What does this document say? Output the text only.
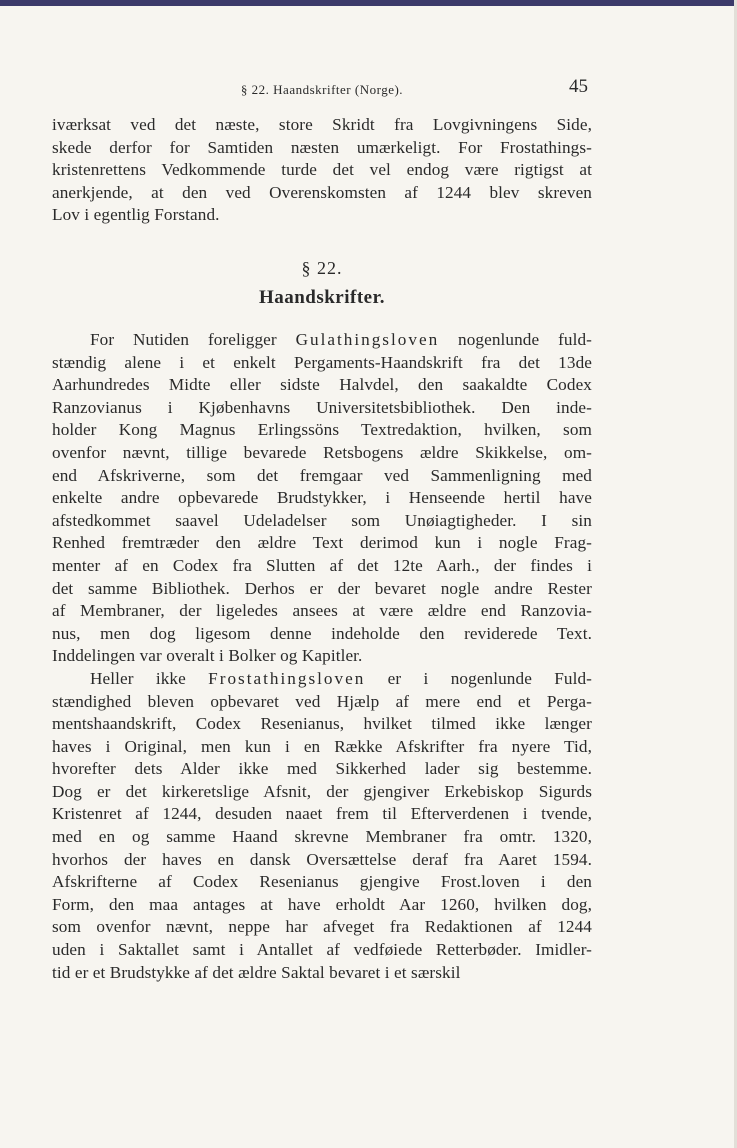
§ 22. Haandskrifter (Norge).	45
iværksat ved det næste, store Skridt fra Lovgivningens Side,
skede derfor for Samtiden næsten umærkeligt. For Frostathings-
kristenrettens Vedkommende turde det vel endog være rigtigst at
anerkjende, at den ved Overenskomsten af 1244 blev skreven
Lov i egentlig Forstand.
§ 22.
Haandskrifter.
For Nutiden foreligger Gulathingsloven nogenlunde fuld-
stændig alene i et enkelt Pergaments-Haandskrift fra det 13de
Aarhundredes Midte eller sidste Halvdel, den saakaldte Codex
Ranzovianus i Kjøbenhavns Universitetsbibliothek. Den inde-
holder Kong Magnus Erlingssöns Textredaktion, hvilken, som
ovenfor nævnt, tillige bevarede Retsbogens ældre Skikkelse, om-
end Afskriverne, som det fremgaar ved Sammenligning med
enkelte andre opbevarede Brudstykker, i Henseende hertil have
afstedkommet saavel Udeladelser som Unøiagtigheder. I sin
Renhed fremtræder den ældre Text derimod kun i nogle Frag-
menter af en Codex fra Slutten af det 12te Aarh., der findes i
det samme Bibliothek. Derhos er der bevaret nogle andre Rester
af Membraner, der ligeledes ansees at være ældre end Ranzovia-
nus, men dog ligesom denne indeholde den reviderede Text.
Inddelingen var overalt i Bolker og Kapitler.
Heller ikke Frostathingsloven er i nogenlunde Fuld-
stændighed bleven opbevaret ved Hjælp af mere end et Perga-
mentshaandskrift, Codex Resenianus, hvilket tilmed ikke længer
haves i Original, men kun i en Række Afskrifter fra nyere Tid,
hvorefter dets Alder ikke med Sikkerhed lader sig bestemme.
Dog er det kirkeretslige Afsnit, der gjengiver Erkebiskop Sigurds
Kristenret af 1244, desuden naaet frem til Efterverdenen i tvende,
med en og samme Haand skrevne Membraner fra omtr. 1320,
hvorhos der haves en dansk Oversættelse deraf fra Aaret 1594.
Afskrifterne af Codex Resenianus gjengive Frost.loven i den
Form, den maa antages at have erholdt Aar 1260, hvilken dog,
som ovenfor nævnt, neppe har afveget fra Redaktionen af 1244
uden i Saktallet samt i Antallet af vedføiede Retterbøder. Imidler-
tid er et Brudstykke af det ældre Saktal bevaret i et særskil
